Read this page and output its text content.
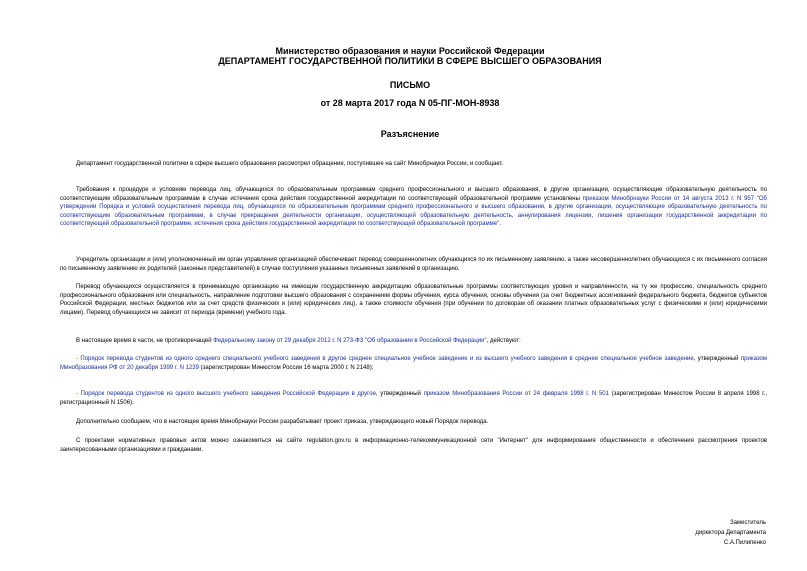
Министерство образования и науки Российской Федерации
ДЕПАРТАМЕНТ ГОСУДАРСТВЕННОЙ ПОЛИТИКИ В СФЕРЕ ВЫСШЕГО ОБРАЗОВАНИЯ
ПИСЬМО
от 28 марта 2017 года N 05-ПГ-МОН-8938
Разъяснение
Департамент государственной политики в сфере высшего образования рассмотрел обращение, поступившее на сайт Минобрнауки России, и сообщает.
Требования к процедуре и условиям перевода лиц, обучающихся по образовательным программам среднего профессионального и высшего образования, в другие организации, осуществляющие образовательную деятельность по соответствующим образовательным программам в случае истечения срока действия государственной аккредитации по соответствующей образовательной программе установлены приказом Минобрнауки России от 14 августа 2013 г. N 957 "Об утверждении Порядка и условий осуществления перевода лиц, обучающихся по образовательным программам среднего профессионального и высшего образования, в другие организации, осуществляющие образовательную деятельность по соответствующим образовательным программам, в случае прекращения деятельности организации, осуществляющей образовательную деятельность, аннулирования лицензии, лишения организации государственной аккредитации по соответствующей образовательной программе, истечения срока действия государственной аккредитации по соответствующей образовательной программе".
Учредитель организации и (или) уполномоченный им орган управления организацией обеспечивает перевод совершеннолетних обучающихся по их письменному заявлению, а также несовершеннолетних обучающихся с их письменного согласия по письменному заявлению их родителей (законных представителей) в случае поступления указанных письменных заявлений в организацию.
Перевод обучающихся осуществляется в принимающую организацию на имеющие государственную аккредитацию образовательные программы соответствующих уровня и направленности, на ту же профессию, специальность среднего профессионального образования или специальность, направление подготовки высшего образования с сохранением формы обучения, курса обучения, основы обучения (за счет бюджетных ассигнований федерального бюджета, бюджетов субъектов Российской Федерации, местных бюджетов или за счет средств физических и (или) юридических лиц), а также стоимости обучения (при обучении по договорам об оказании платных образовательных услуг с физическими и (или) юридическими лицами). Перевод обучающихся не зависит от периода (времени) учебного года.
В настоящее время в части, не противоречащей Федеральному закону от 29 декабря 2012 г. N 273-ФЗ "Об образовании в Российской Федерации", действуют:
- Порядок перевода студентов из одного среднего специального учебного заведения в другое среднее специальное учебное заведение и из высшего учебного заведения в среднее специальное учебное заведение, утвержденный приказом Минобразования РФ от 20 декабря 1999 г. N 1239 (зарегистрирован Минюстом России 16 марта 2000 г. N 2148);
- Порядок перевода студентов из одного высшего учебного заведения Российской Федерации в другое, утвержденный приказом Минобразования России от 24 февраля 1998 г. N 501 (зарегистрирован Минюстом России 8 апреля 1998 г., регистрационный N 1506).
Дополнительно сообщаем, что в настоящее время Минобрнауки России разрабатывает проект приказа, утверждающего новый Порядок перевода.
С проектами нормативных правовых актов можно ознакомиться на сайте regulation.gov.ru в информационно-телекоммуникационной сети "Интернет" для информирования общественности и обеспечения рассмотрения проектов заинтересованными организациями и гражданами.
Заместитель
директора Департамента
С.А.Пилипенко
